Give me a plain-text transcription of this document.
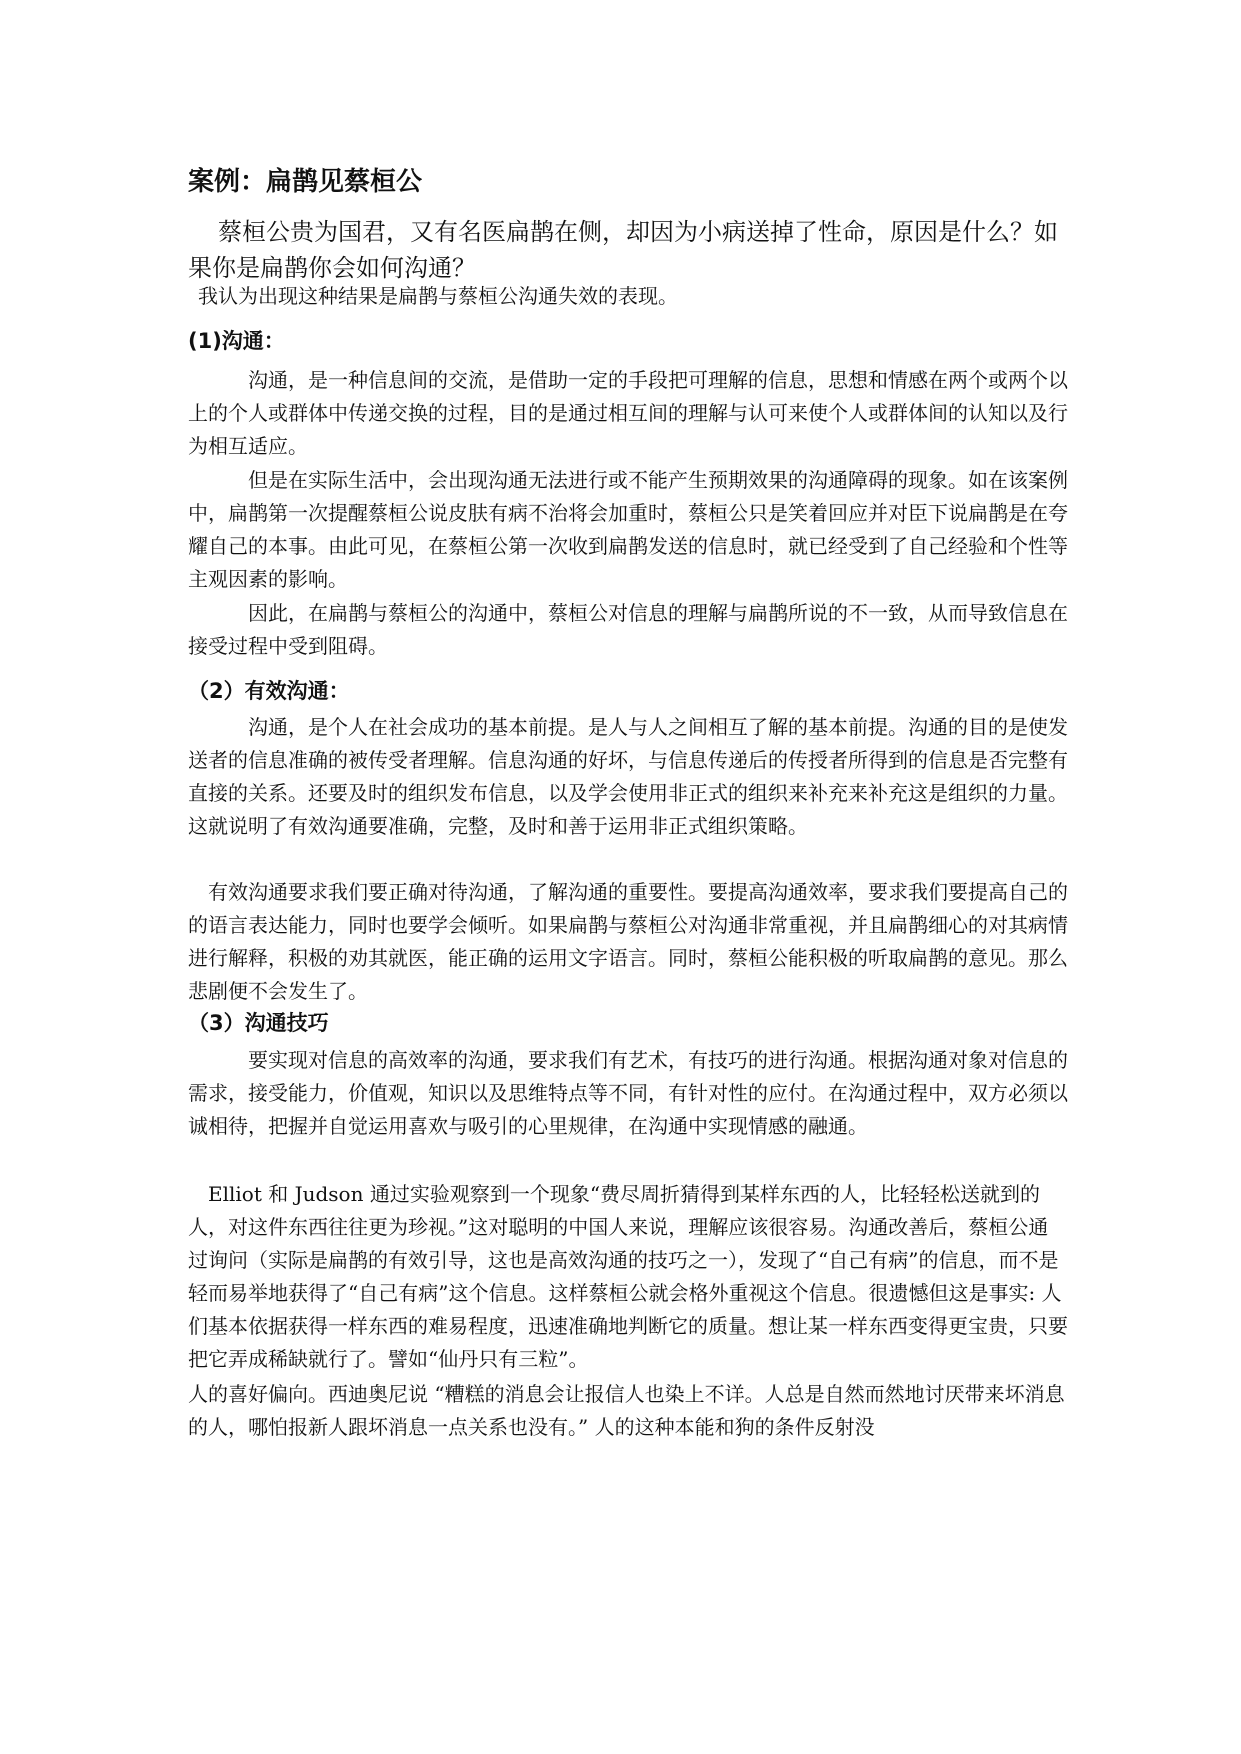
案例：扁鹊见蔡桓公

蔡桓公贵为国君，又有名医扁鹊在侧，却因为小病送掉了性命，原因是什么？如果你是扁鹊你会如何沟通？

我认为出现这种结果是扁鹊与蔡桓公沟通失效的表现。

(1)沟通：

沟通，是一种信息间的交流，是借助一定的手段把可理解的信息，思想和情感在两个或两个以上的个人或群体中传递交换的过程，目的是通过相互间的理解与认可来使个人或群体间的认知以及行为相互适应。

但是在实际生活中，会出现沟通无法进行或不能产生预期效果的沟通障碍的现象。如在该案例中，扁鹊第一次提醒蔡桓公说皮肤有病不治将会加重时，蔡桓公只是笑着回应并对臣下说扁鹊是在夸耀自己的本事。由此可见，在蔡桓公第一次收到扁鹊发送的信息时，就已经受到了自己经验和个性等主观因素的影响。

因此，在扁鹊与蔡桓公的沟通中，蔡桓公对信息的理解与扁鹊所说的不一致，从而导致信息在接受过程中受到阻碍。

（2）有效沟通：

沟通，是个人在社会成功的基本前提。是人与人之间相互了解的基本前提。沟通的目的是使发送者的信息准确的被传受者理解。信息沟通的好坏，与信息传递后的传授者所得到的信息是否完整有直接的关系。还要及时的组织发布信息，以及学会使用非正式的组织来补充来补充这是组织的力量。这就说明了有效沟通要准确，完整，及时和善于运用非正式组织策略。

有效沟通要求我们要正确对待沟通，了解沟通的重要性。要提高沟通效率，要求我们要提高自己的的语言表达能力，同时也要学会倾听。如果扁鹊与蔡桓公对沟通非常重视，并且扁鹊细心的对其病情进行解释，积极的劝其就医，能正确的运用文字语言。同时，蔡桓公能积极的听取扁鹊的意见。那么悲剧便不会发生了。

（3）沟通技巧

要实现对信息的高效率的沟通，要求我们有艺术，有技巧的进行沟通。根据沟通对象对信息的需求，接受能力，价值观，知识以及思维特点等不同，有针对性的应付。在沟通过程中，双方必须以诚相待，把握并自觉运用喜欢与吸引的心里规律，在沟通中实现情感的融通。

Elliot 和 Judson 通过实验观察到一个现象“费尽周折猜得到某样东西的人，比轻轻松送就到的人，对这件东西往往更为珍视。”这对聪明的中国人来说，理解应该很容易。沟通改善后，蔡桓公通过询问（实际是扁鹊的有效引导，这也是高效沟通的技巧之一），发现了“自己有病”的信息，而不是轻而易举地获得了“自己有病”这个信息。这样蔡桓公就会格外重视这个信息。很遗憾但这是事实: 人们基本依据获得一样东西的难易程度，迅速准确地判断它的质量。想让某一样东西变得更宝贵，只要把它弄成稀缺就行了。譬如“仙丹只有三粒”。

人的喜好偏向。西迪奥尼说 “糟糕的消息会让报信人也染上不详。人总是自然而然地讨厌带来坏消息的人，哪怕报新人跟坏消息一点关系也没有。” 人的这种本能和狗的条件反射没
